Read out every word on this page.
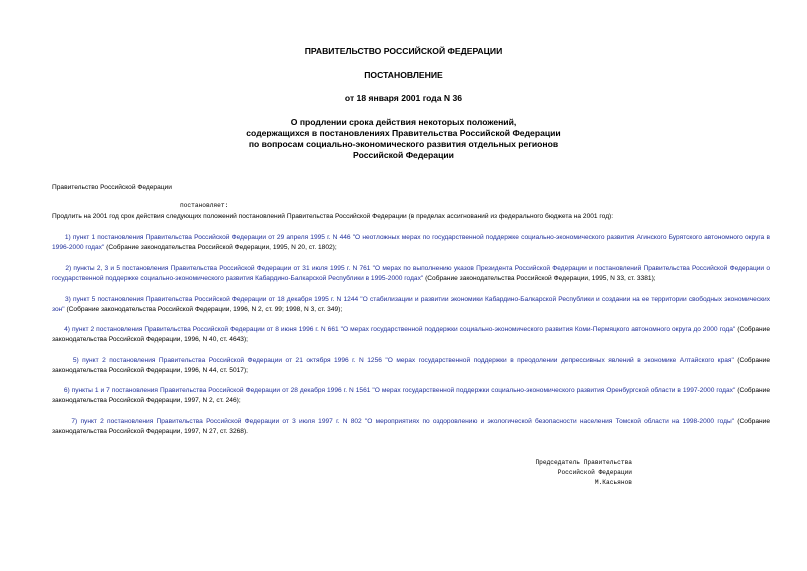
ПРАВИТЕЛЬСТВО РОССИЙСКОЙ ФЕДЕРАЦИИ
ПОСТАНОВЛЕНИЕ
от 18 января 2001 года N 36
О продлении срока действия некоторых положений,
содержащихся в постановлениях Правительства Российской Федерации
по вопросам социально-экономического развития отдельных регионов
Российской Федерации
Правительство Российской Федерации
постановляет:
Продлить на 2001 год срок действия следующих положений постановлений Правительства Российской Федерации (в пределах ассигнований из федерального бюджета на 2001 год):
1) пункт 1 постановления Правительства Российской Федерации от 29 апреля 1995 г. N 446 "О неотложных мерах по государственной поддержке социально-экономического развития Агинского Бурятского автономного округа в 1996-2000 годах" (Собрание законодательства Российской Федерации, 1995, N 20, ст. 1802);
2) пункты 2, 3 и 5 постановления Правительства Российской Федерации от 31 июля 1995 г. N 761 "О мерах по выполнению указов Президента Российской Федерации и постановлений Правительства Российской Федерации о государственной поддержке социально-экономического развития Кабардино-Балкарской Республики в 1995-2000 годах" (Собрание законодательства Российской Федерации, 1995, N 33, ст. 3381);
3) пункт 5 постановления Правительства Российской Федерации от 18 декабря 1995 г. N 1244 "О стабилизации и развитии экономики Кабардино-Балкарской Республики и создании на ее территории свободных экономических зон" (Собрание законодательства Российской Федерации, 1996, N 2, ст. 99; 1998, N 3, ст. 349);
4) пункт 2 постановления Правительства Российской Федерации от 8 июня 1996 г. N 661 "О мерах государственной поддержки социально-экономического развития Коми-Пермяцкого автономного округа до 2000 года" (Собрание законодательства Российской Федерации, 1996, N 40, ст. 4643);
5) пункт 2 постановления Правительства Российской Федерации от 21 октября 1996 г. N 1256 "О мерах государственной поддержки в преодолении депрессивных явлений в экономике Алтайского края" (Собрание законодательства Российской Федерации, 1996, N 44, ст. 5017);
6) пункты 1 и 7 постановления Правительства Российской Федерации от 28 декабря 1996 г. N 1561 "О мерах государственной поддержки социально-экономического развития Оренбургской области в 1997-2000 годах" (Собрание законодательства Российской Федерации, 1997, N 2, ст. 246);
7) пункт 2 постановления Правительства Российской Федерации от 3 июля 1997 г. N 802 "О мероприятиях по оздоровлению и экологической безопасности населения Томской области на 1998-2000 годы" (Собрание законодательства Российской Федерации, 1997, N 27, ст. 3268).
Председатель Правительства
Российской Федерации
М.Касьянов
